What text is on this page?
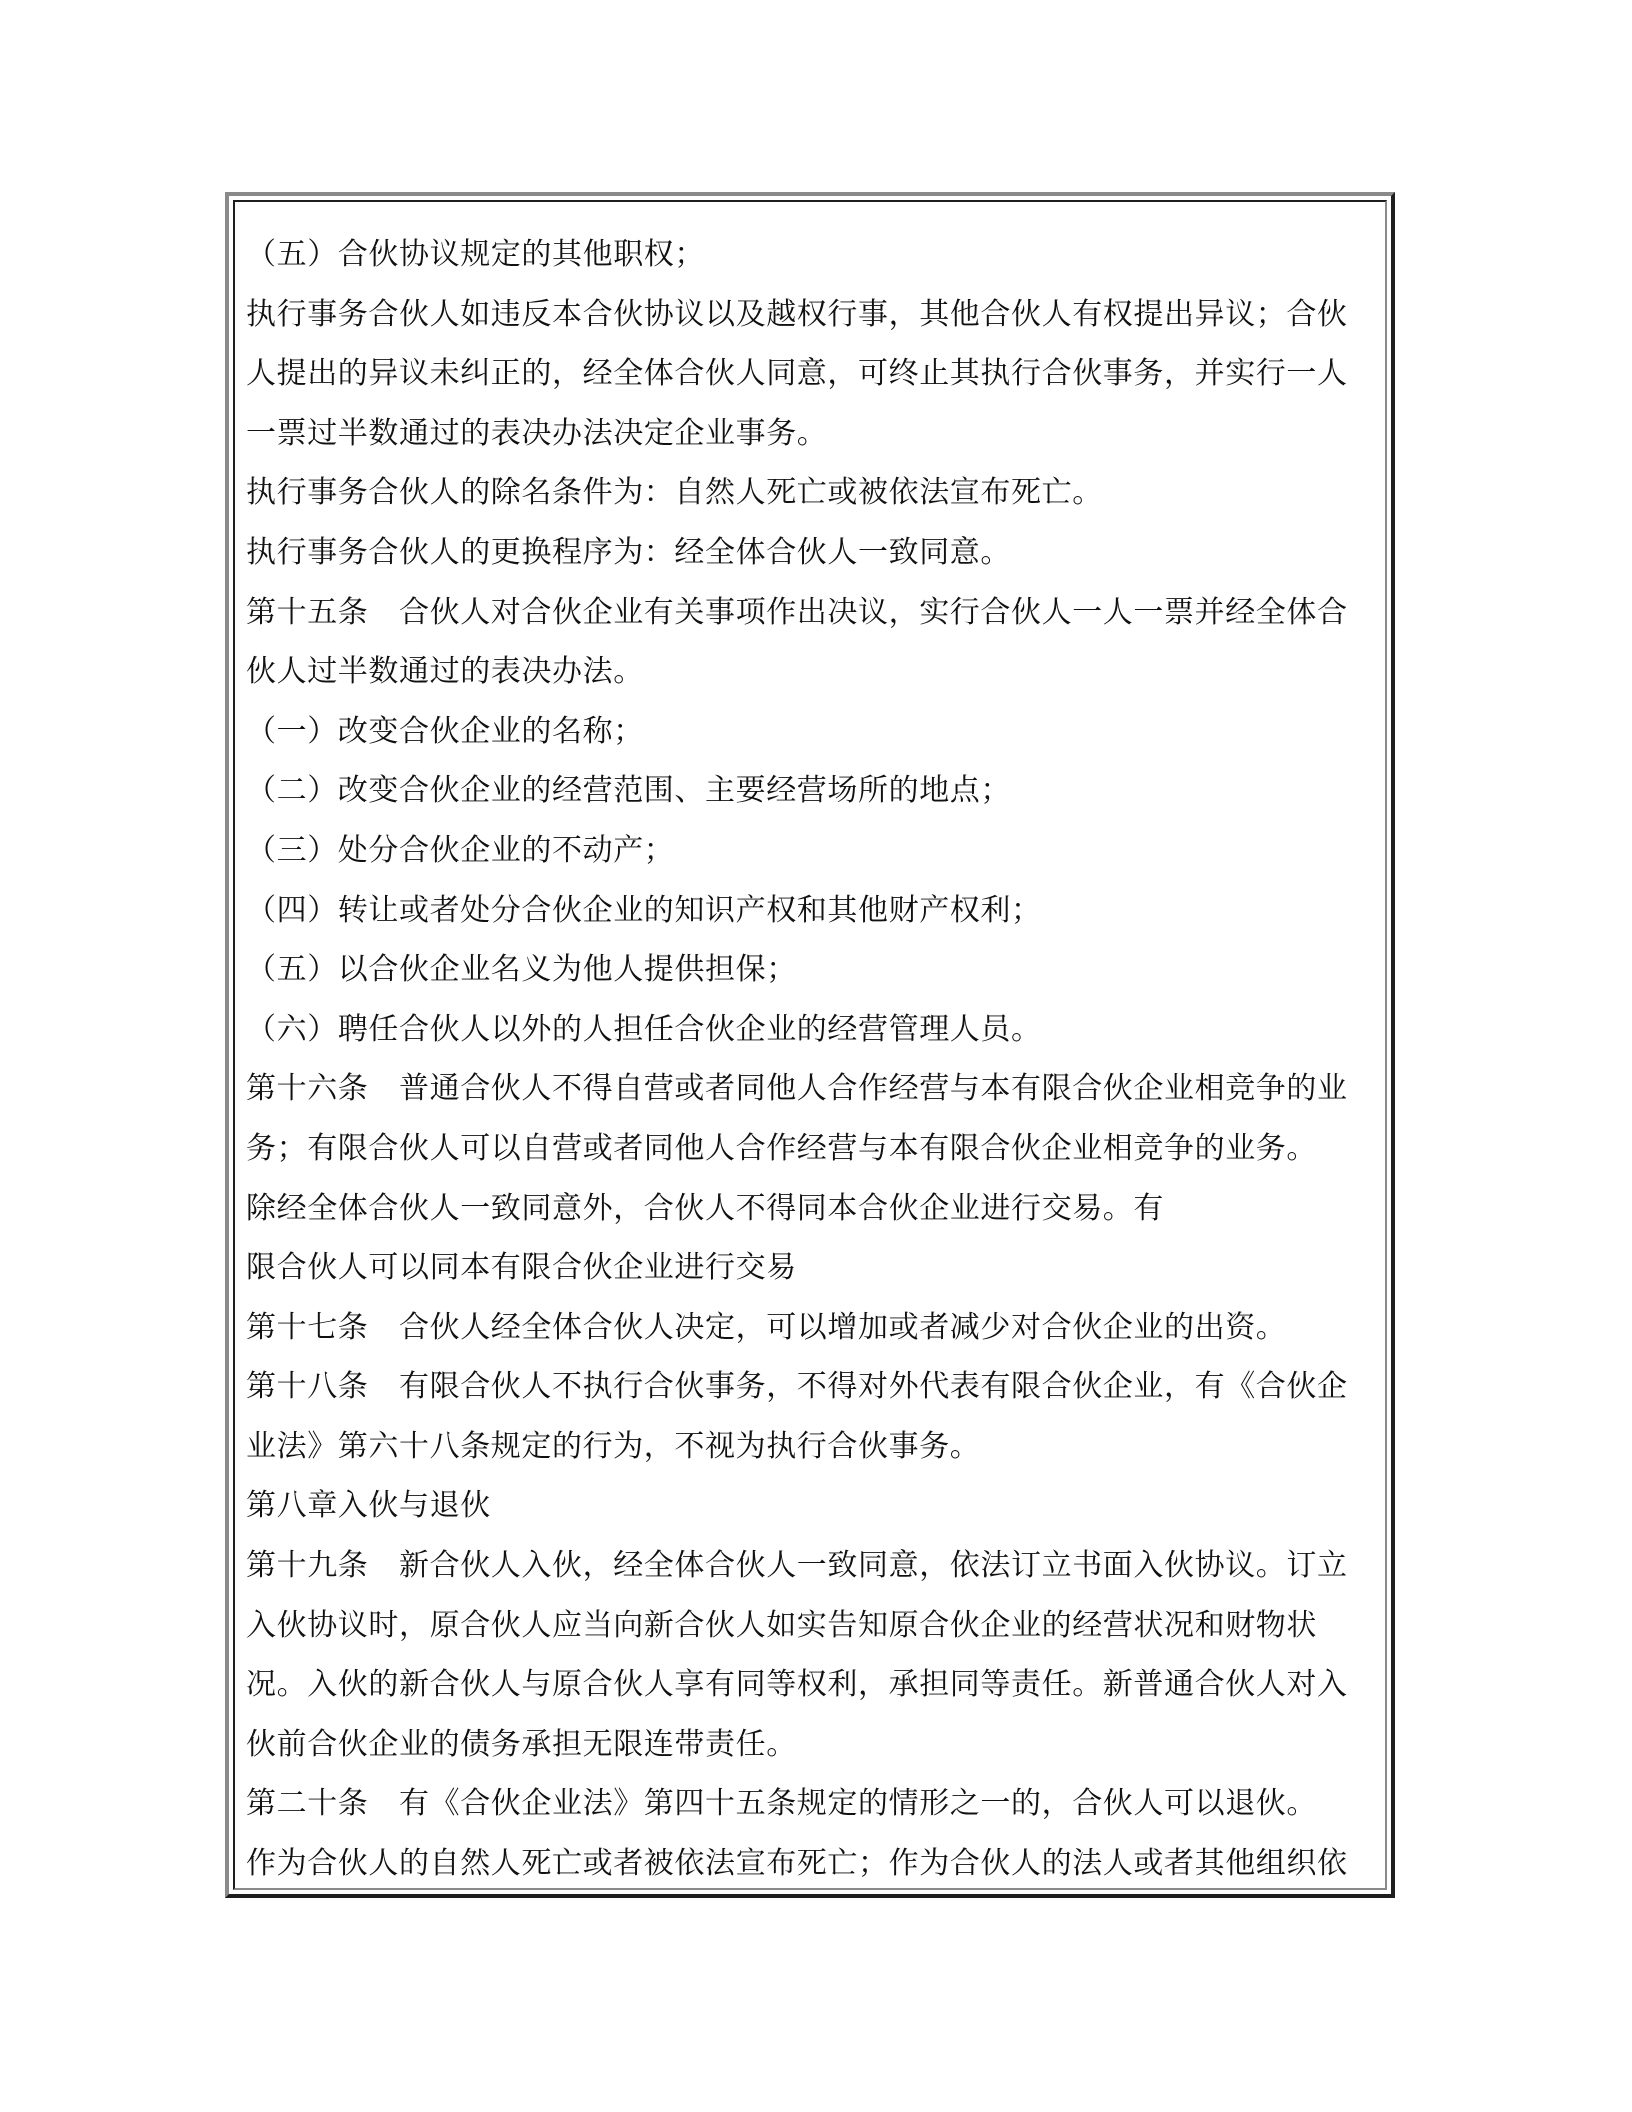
（五）合伙协议规定的其他职权；
执行事务合伙人如违反本合伙协议以及越权行事，其他合伙人有权提出异议；合伙
人提出的异议未纠正的，经全体合伙人同意，可终止其执行合伙事务，并实行一人
一票过半数通过的表决办法决定企业事务。
执行事务合伙人的除名条件为：自然人死亡或被依法宣布死亡。
执行事务合伙人的更换程序为：经全体合伙人一致同意。
第十五条　合伙人对合伙企业有关事项作出决议，实行合伙人一人一票并经全体合
伙人过半数通过的表决办法。
（一）改变合伙企业的名称；
（二）改变合伙企业的经营范围、主要经营场所的地点；
（三）处分合伙企业的不动产；
（四）转让或者处分合伙企业的知识产权和其他财产权利；
（五）以合伙企业名义为他人提供担保；
（六）聘任合伙人以外的人担任合伙企业的经营管理人员。
第十六条　普通合伙人不得自营或者同他人合作经营与本有限合伙企业相竞争的业
务；有限合伙人可以自营或者同他人合作经营与本有限合伙企业相竞争的业务。
除经全体合伙人一致同意外，合伙人不得同本合伙企业进行交易。有
限合伙人可以同本有限合伙企业进行交易
第十七条　合伙人经全体合伙人决定，可以增加或者减少对合伙企业的出资。
第十八条　有限合伙人不执行合伙事务，不得对外代表有限合伙企业，有《合伙企
业法》第六十八条规定的行为，不视为执行合伙事务。
第八章入伙与退伙
第十九条　新合伙人入伙，经全体合伙人一致同意，依法订立书面入伙协议。订立
入伙协议时，原合伙人应当向新合伙人如实告知原合伙企业的经营状况和财物状
况。入伙的新合伙人与原合伙人享有同等权利，承担同等责任。新普通合伙人对入
伙前合伙企业的债务承担无限连带责任。
第二十条　有《合伙企业法》第四十五条规定的情形之一的，合伙人可以退伙。
作为合伙人的自然人死亡或者被依法宣布死亡；作为合伙人的法人或者其他组织依
